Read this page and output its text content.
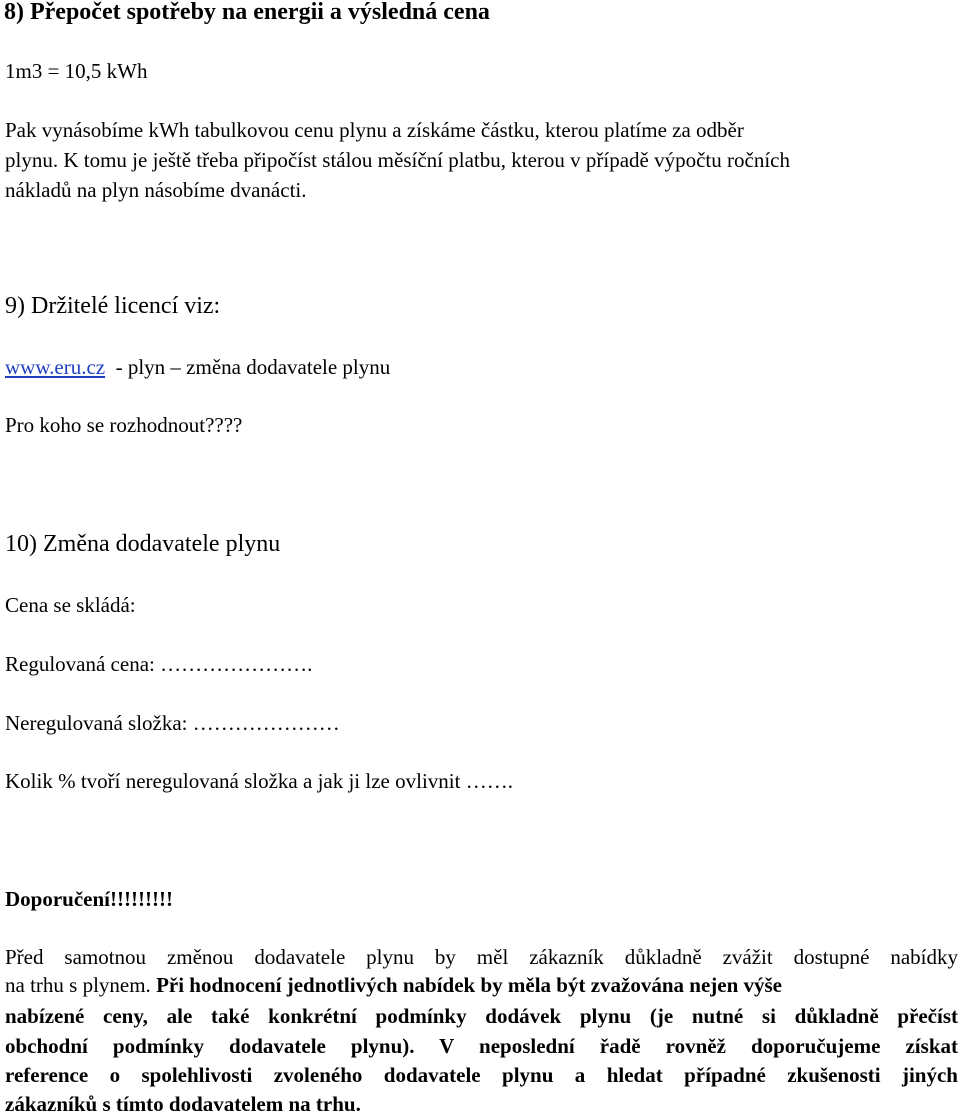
8) Přepočet spotřeby na energii a výsledná cena
1m3 = 10,5 kWh
Pak vynásobíme kWh tabulkovou cenu plynu a získáme částku, kterou platíme za odběr
plynu. K tomu je ještě třeba připočíst stálou měsíční platbu, kterou v případě výpočtu ročních
nákladů na plyn násobíme dvanácti.
9) Držitelé licencí viz:
www.eru.cz  - plyn – změna dodavatele plynu
Pro koho se rozhodnout????
10) Změna dodavatele plynu
Cena se skládá:
Regulovaná cena: ………………….
Neregulovaná složka: …………………
Kolik % tvoří neregulovaná složka a jak ji lze ovlivnit …….
Doporučení!!!!!!!!!
Před samotnou změnou dodavatele plynu by měl zákazník důkladně zvážit dostupné nabídky
na trhu s plynem. Při hodnocení jednotlivých nabídek by měla být zvažována nejen výše
nabízené ceny, ale také konkrétní podmínky dodávek plynu (je nutné si důkladně přečíst
obchodní podmínky dodavatele plynu). V neposlední řadě rovněž doporučujeme získat
reference o spolehlivosti zvoleného dodavatele plynu a hledat případné zkušenosti jiných
zákazníků s tímto dodavatelem na trhu.
